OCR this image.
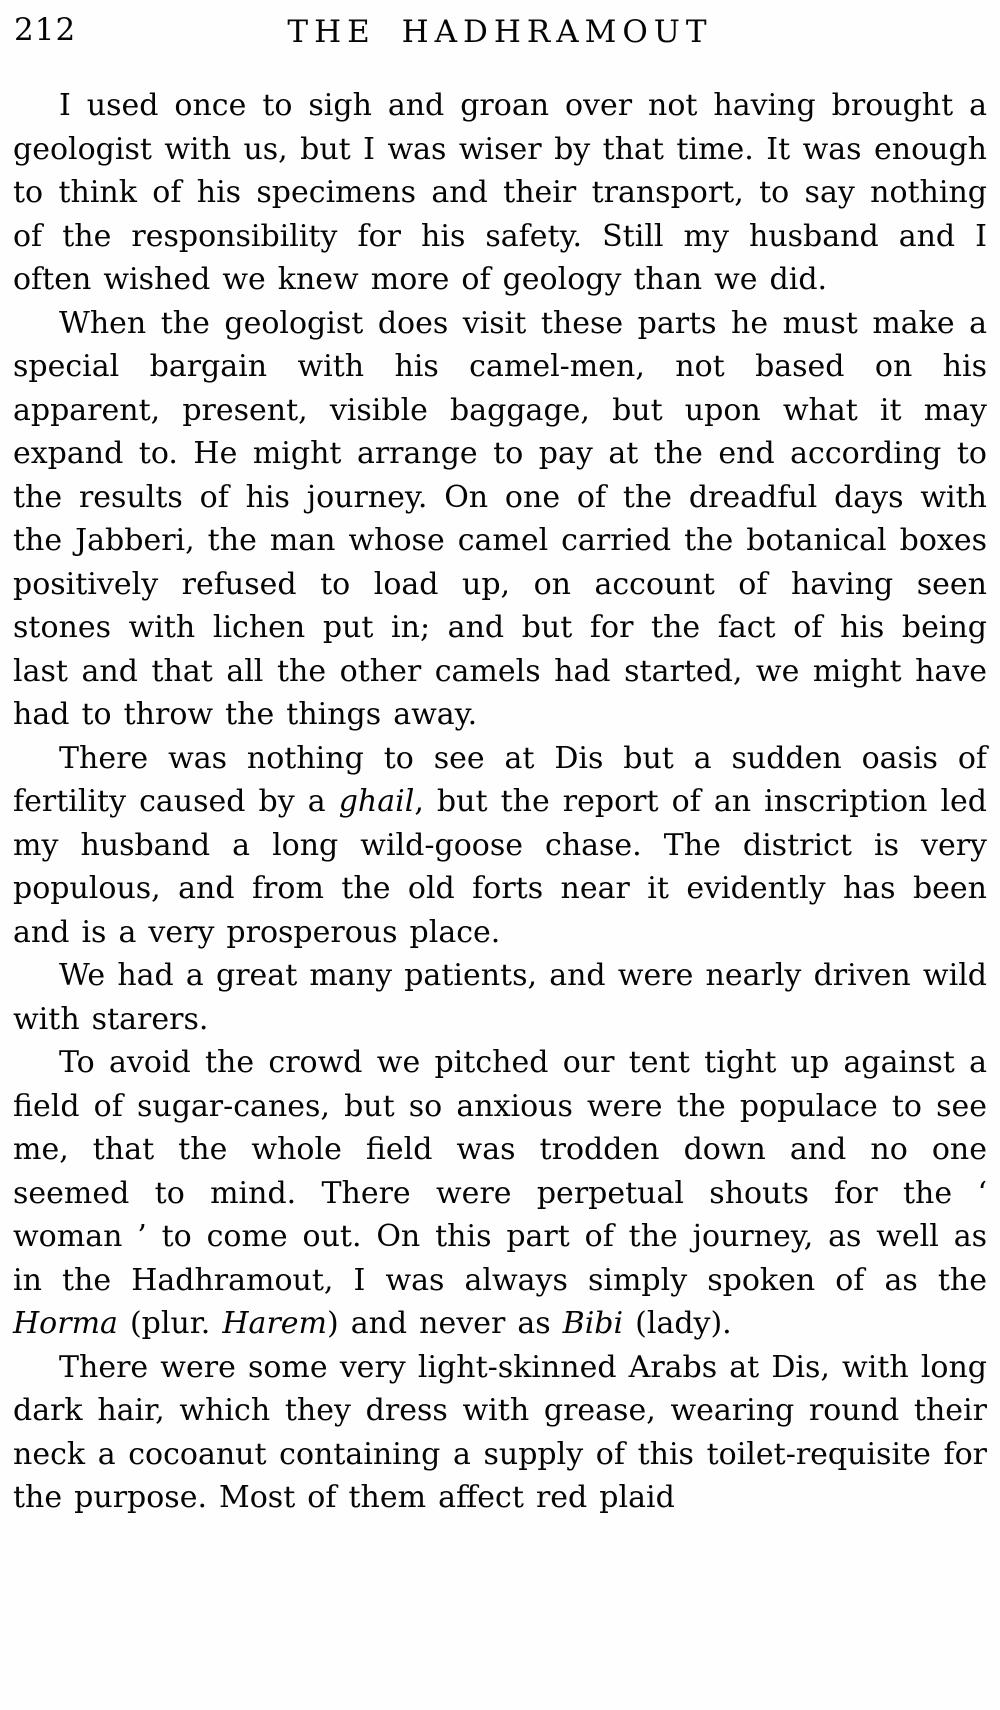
212	THE HADHRAMOUT

I used once to sigh and groan over not having brought a geologist with us, but I was wiser by that time. It was enough to think of his specimens and their transport, to say nothing of the responsibility for his safety. Still my husband and I often wished we knew more of geology than we did.

When the geologist does visit these parts he must make a special bargain with his camel-men, not based on his apparent, present, visible baggage, but upon what it may expand to. He might arrange to pay at the end according to the results of his journey. On one of the dreadful days with the Jabberi, the man whose camel carried the botanical boxes positively refused to load up, on account of having seen stones with lichen put in; and but for the fact of his being last and that all the other camels had started, we might have had to throw the things away.

There was nothing to see at Dis but a sudden oasis of fertility caused by a ghail, but the report of an inscription led my husband a long wild-goose chase. The district is very populous, and from the old forts near it evidently has been and is a very prosperous place.

We had a great many patients, and were nearly driven wild with starers.

To avoid the crowd we pitched our tent tight up against a field of sugar-canes, but so anxious were the populace to see me, that the whole field was trodden down and no one seemed to mind. There were perpetual shouts for the ‘ woman ’ to come out. On this part of the journey, as well as in the Hadhramout, I was always simply spoken of as the Horma (plur. Harem) and never as Bibi (lady).

There were some very light-skinned Arabs at Dis, with long dark hair, which they dress with grease, wearing round their neck a cocoanut containing a supply of this toilet-requisite for the purpose. Most of them affect red plaid
